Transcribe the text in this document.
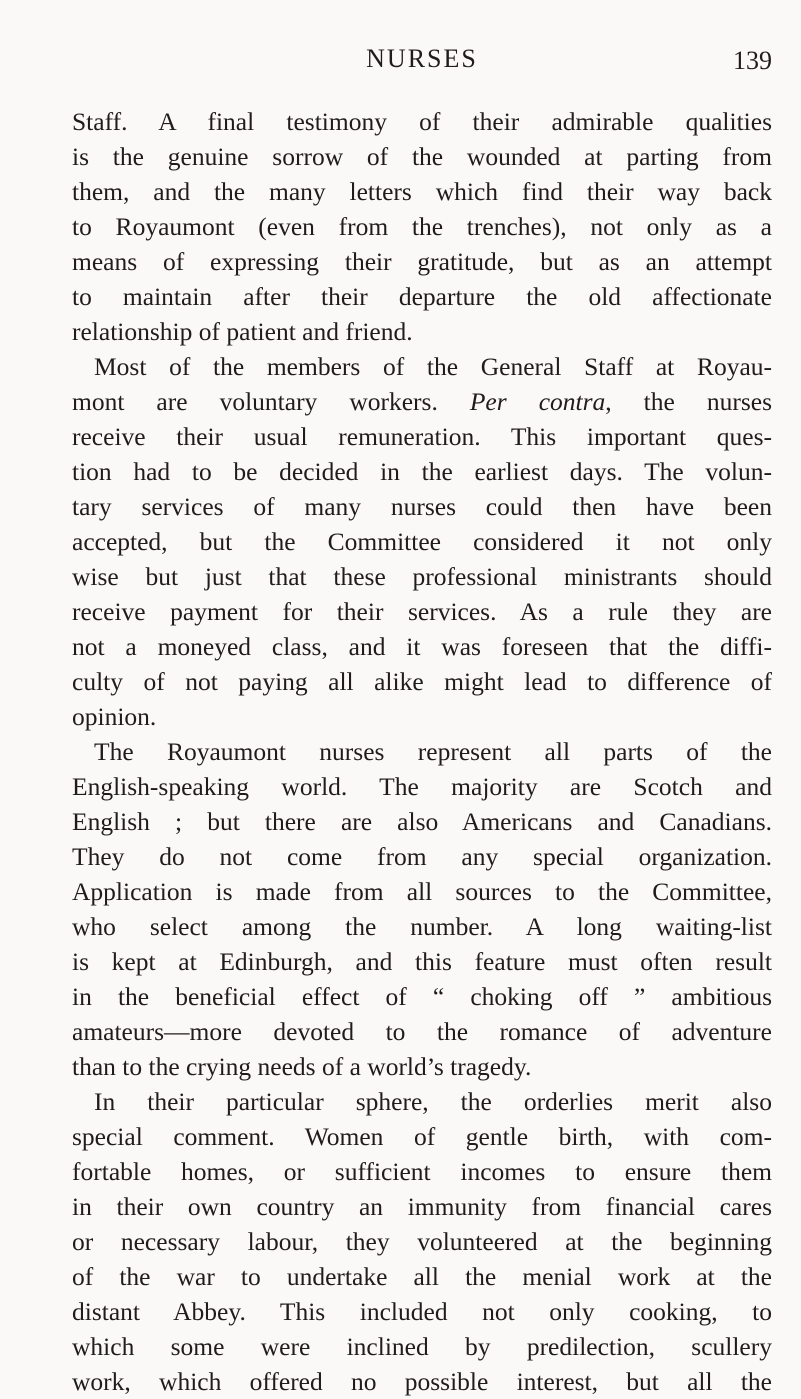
NURSES	139
Staff. A final testimony of their admirable qualities
is the genuine sorrow of the wounded at parting from
them, and the many letters which find their way back
to Royaumont (even from the trenches), not only as a
means of expressing their gratitude, but as an attempt
to maintain after their departure the old affectionate
relationship of patient and friend.
Most of the members of the General Staff at Royau-
mont are voluntary workers. Per contra, the nurses
receive their usual remuneration. This important ques-
tion had to be decided in the earliest days. The volun-
tary services of many nurses could then have been
accepted, but the Committee considered it not only
wise but just that these professional ministrants should
receive payment for their services. As a rule they are
not a moneyed class, and it was foreseen that the diffi-
culty of not paying all alike might lead to difference of
opinion.
The Royaumont nurses represent all parts of the
English-speaking world. The majority are Scotch and
English ; but there are also Americans and Canadians.
They do not come from any special organization.
Application is made from all sources to the Committee,
who select among the number. A long waiting-list
is kept at Edinburgh, and this feature must often result
in the beneficial effect of “ choking off ” ambitious
amateurs—more devoted to the romance of adventure
than to the crying needs of a world’s tragedy.
In their particular sphere, the orderlies merit also
special comment. Women of gentle birth, with com-
fortable homes, or sufficient incomes to ensure them
in their own country an immunity from financial cares
or necessary labour, they volunteered at the beginning
of the war to undertake all the menial work at the
distant Abbey. This included not only cooking, to
which some were inclined by predilection, scullery
work, which offered no possible interest, but all the
